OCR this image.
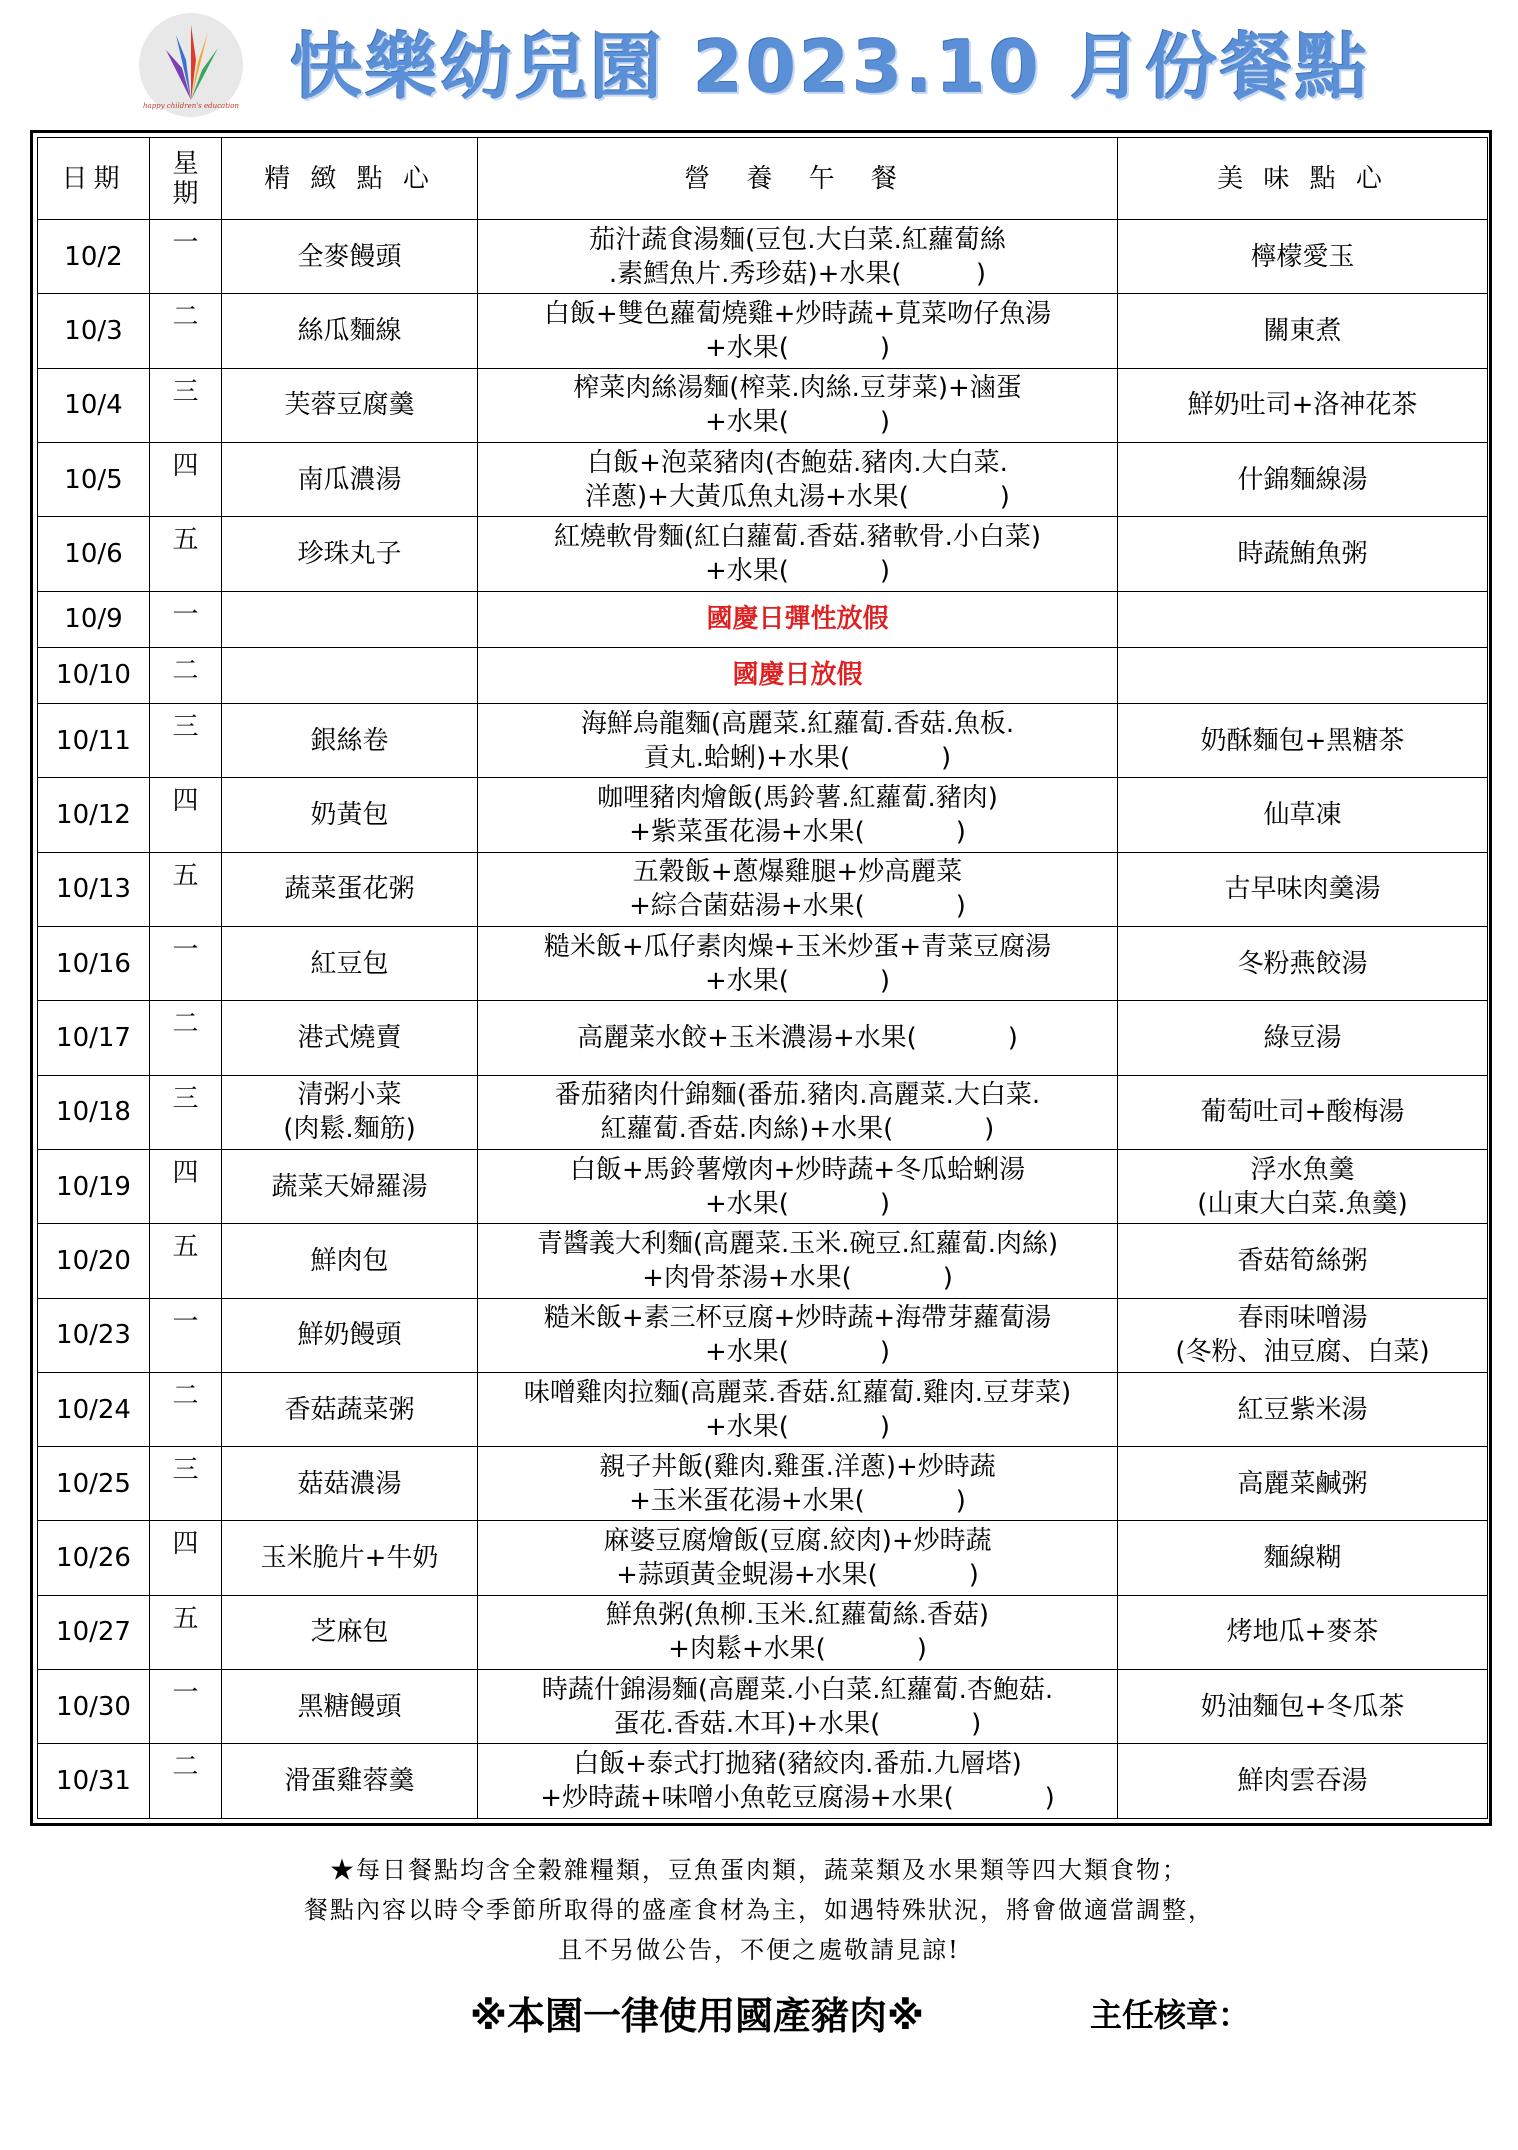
happy children's education 快樂幼兒園 2023.10 月份餐點
日期	星期	精 緻 點 心	營 養 午 餐	美 味 點 心
10/2	一	全麥饅頭	茄汁蔬食湯麵(豆包.大白菜.紅蘿蔔絲
.素鱈魚片.秀珍菇)+水果(         )	檸檬愛玉

10/3	二	絲瓜麵線	白飯+雙色蘿蔔燒雞+炒時蔬+莧菜吻仔魚湯
+水果(           )	關東煮

10/4	三	芙蓉豆腐羹	榨菜肉絲湯麵(榨菜.肉絲.豆芽菜)+滷蛋
+水果(           )	鮮奶吐司+洛神花茶

10/5	四	南瓜濃湯	白飯+泡菜豬肉(杏鮑菇.豬肉.大白菜.
洋蔥)+大黃瓜魚丸湯+水果(           )	什錦麵線湯

10/6	五	珍珠丸子	紅燒軟骨麵(紅白蘿蔔.香菇.豬軟骨.小白菜)
+水果(           )	時蔬鮪魚粥

10/9	一		國慶日彈性放假	
10/10	二		國慶日放假	
10/11	三	銀絲卷	海鮮烏龍麵(高麗菜.紅蘿蔔.香菇.魚板.
貢丸.蛤蜊)+水果(           )	奶酥麵包+黑糖茶

10/12	四	奶黃包	咖哩豬肉燴飯(馬鈴薯.紅蘿蔔.豬肉)
+紫菜蛋花湯+水果(           )	仙草凍

10/13	五	蔬菜蛋花粥	五穀飯+蔥爆雞腿+炒高麗菜
+綜合菌菇湯+水果(           )	古早味肉羹湯

10/16	一	紅豆包	糙米飯+瓜仔素肉燥+玉米炒蛋+青菜豆腐湯
+水果(           )	冬粉燕餃湯

10/17	二	港式燒賣	高麗菜水餃+玉米濃湯+水果(           )	綠豆湯

10/18	三	清粥小菜
(肉鬆.麵筋)	番茄豬肉什錦麵(番茄.豬肉.高麗菜.大白菜.
紅蘿蔔.香菇.肉絲)+水果(           )	葡萄吐司+酸梅湯

10/19	四	蔬菜天婦羅湯	白飯+馬鈴薯燉肉+炒時蔬+冬瓜蛤蜊湯
+水果(           )	浮水魚羹
(山東大白菜.魚羹)

10/20	五	鮮肉包	青醬義大利麵(高麗菜.玉米.碗豆.紅蘿蔔.肉絲)
+肉骨茶湯+水果(           )	香菇筍絲粥

10/23	一	鮮奶饅頭	糙米飯+素三杯豆腐+炒時蔬+海帶芽蘿蔔湯
+水果(           )	春雨味噌湯
(冬粉、油豆腐、白菜)

10/24	二	香菇蔬菜粥	味噌雞肉拉麵(高麗菜.香菇.紅蘿蔔.雞肉.豆芽菜)
+水果(           )	紅豆紫米湯

10/25	三	菇菇濃湯	親子丼飯(雞肉.雞蛋.洋蔥)+炒時蔬
+玉米蛋花湯+水果(           )	高麗菜鹹粥

10/26	四	玉米脆片+牛奶	麻婆豆腐燴飯(豆腐.絞肉)+炒時蔬
+蒜頭黃金蜆湯+水果(           )	麵線糊

10/27	五	芝麻包	鮮魚粥(魚柳.玉米.紅蘿蔔絲.香菇)
+肉鬆+水果(           )	烤地瓜+麥茶

10/30	一	黑糖饅頭	時蔬什錦湯麵(高麗菜.小白菜.紅蘿蔔.杏鮑菇.
蛋花.香菇.木耳)+水果(           )	奶油麵包+冬瓜茶

10/31	二	滑蛋雞蓉羹	白飯+泰式打拋豬(豬絞肉.番茄.九層塔)
+炒時蔬+味噌小魚乾豆腐湯+水果(           )	鮮肉雲吞湯
★每日餐點均含全穀雜糧類，豆魚蛋肉類，蔬菜類及水果類等四大類食物；
餐點內容以時令季節所取得的盛產食材為主，如遇特殊狀況，將會做適當調整，
且不另做公告，不便之處敬請見諒!
※本園一律使用國產豬肉※	主任核章：
